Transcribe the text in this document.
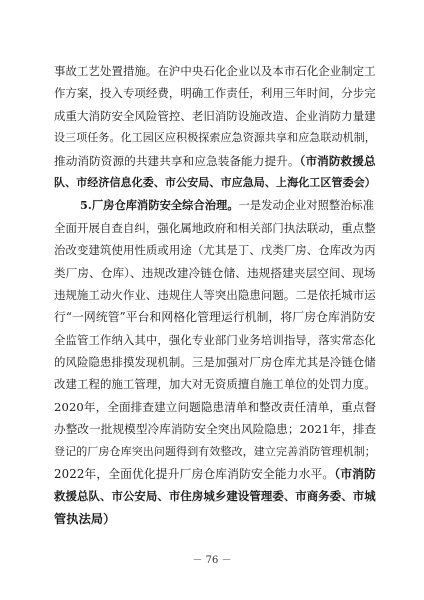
事故工艺处置措施。在沪中央石化企业以及本市石化企业制定工
作方案，投入专项经费，明确工作责任，利用三年时间，分步完
成重大消防安全风险管控、老旧消防设施改造、企业消防力量建
设三项任务。化工园区应积极探索应急资源共享和应急联动机制，
推动消防资源的共建共享和应急装备能力提升。（市消防救援总
队、市经济信息化委、市公安局、市应急局、上海化工区管委会）
5.厂房仓库消防安全综合治理。一是发动企业对照整治标准
全面开展自查自纠，强化属地政府和相关部门执法联动，重点整
治改变建筑使用性质或用途（尤其是丁、戊类厂房、仓库改为丙
类厂房、仓库）、违规改建冷链仓储、违规搭建夹层空间、现场
违规施工动火作业、违规住人等突出隐患问题。二是依托城市运
行“一网统管”平台和网格化管理运行机制，将厂房仓库消防安
全监管工作纳入其中，强化专业部门业务培训指导，落实常态化
的风险隐患排摸发现机制。三是加强对厂房仓库尤其是冷链仓储
改建工程的施工管理，加大对无资质擅自施工单位的处罚力度。
2020年，全面排查建立问题隐患清单和整改责任清单，重点督
办整改一批规模型冷库消防安全突出风险隐患；2021年，排查
登记的厂房仓库突出问题得到有效整改，建立完善消防管理机制；
2022年，全面优化提升厂房仓库消防安全能力水平。（市消防
救援总队、市公安局、市住房城乡建设管理委、市商务委、市城
管执法局）
－ 76 －
